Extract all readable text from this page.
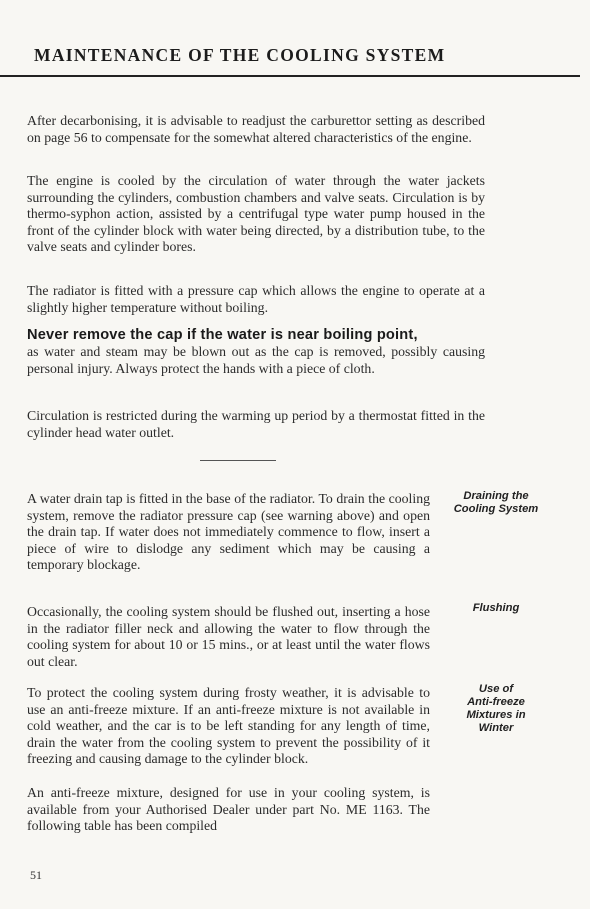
MAINTENANCE OF THE COOLING SYSTEM

After decarbonising, it is advisable to readjust the carburettor setting as described on page 56 to compensate for the somewhat altered characteristics of the engine.

The engine is cooled by the circulation of water through the water jackets surrounding the cylinders, combustion chambers and valve seats. Circulation is by thermo-syphon action, assisted by a centrifugal type water pump housed in the front of the cylinder block with water being directed, by a distribution tube, to the valve seats and cylinder bores.

The radiator is fitted with a pressure cap which allows the engine to operate at a slightly higher temperature without boiling.

Never remove the cap if the water is near boiling point,
as water and steam may be blown out as the cap is removed, possibly causing personal injury. Always protect the hands with a piece of cloth.

Circulation is restricted during the warming up period by a thermostat fitted in the cylinder head water outlet.

A water drain tap is fitted in the base of the radiator. To drain the cooling system, remove the radiator pressure cap (see warning above) and open the drain tap. If water does not immediately commence to flow, insert a piece of wire to dislodge any sediment which may be causing a temporary blockage.

Draining the
Cooling System

Occasionally, the cooling system should be flushed out, inserting a hose in the radiator filler neck and allowing the water to flow through the cooling system for about 10 or 15 mins., or at least until the water flows out clear.

Flushing

To protect the cooling system during frosty weather, it is advisable to use an anti-freeze mixture. If an anti-freeze mixture is not available in cold weather, and the car is to be left standing for any length of time, drain the water from the cooling system to prevent the possibility of it freezing and causing damage to the cylinder block.

Use of
Anti-freeze
Mixtures in
Winter

An anti-freeze mixture, designed for use in your cooling system, is available from your Authorised Dealer under part No. ME 1163. The following table has been compiled

51
